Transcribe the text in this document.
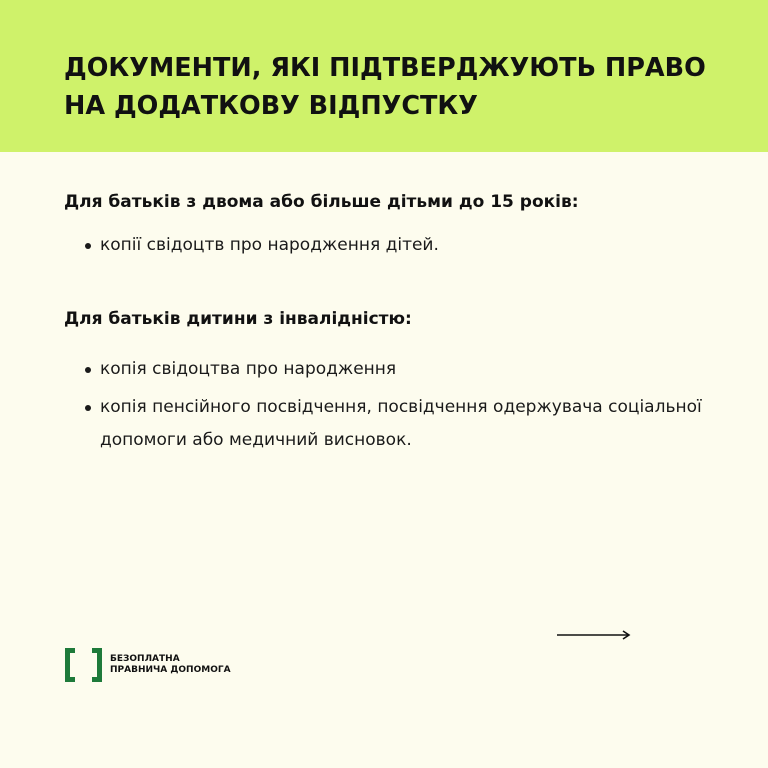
ДОКУМЕНТИ, ЯКІ ПІДТВЕРДЖУЮТЬ ПРАВО
НА ДОДАТКОВУ ВІДПУСТКУ
Для батьків з двома або більше дітьми до 15 років:
копії свідоцтв про народження дітей.
Для батьків дитини з інвалідністю:
копія свідоцтва про народження
копія пенсійного посвідчення, посвідчення одержувача соціальної допомоги або медичний висновок.
БЕЗОПЛАТНА
ПРАВНИЧА ДОПОМОГА
